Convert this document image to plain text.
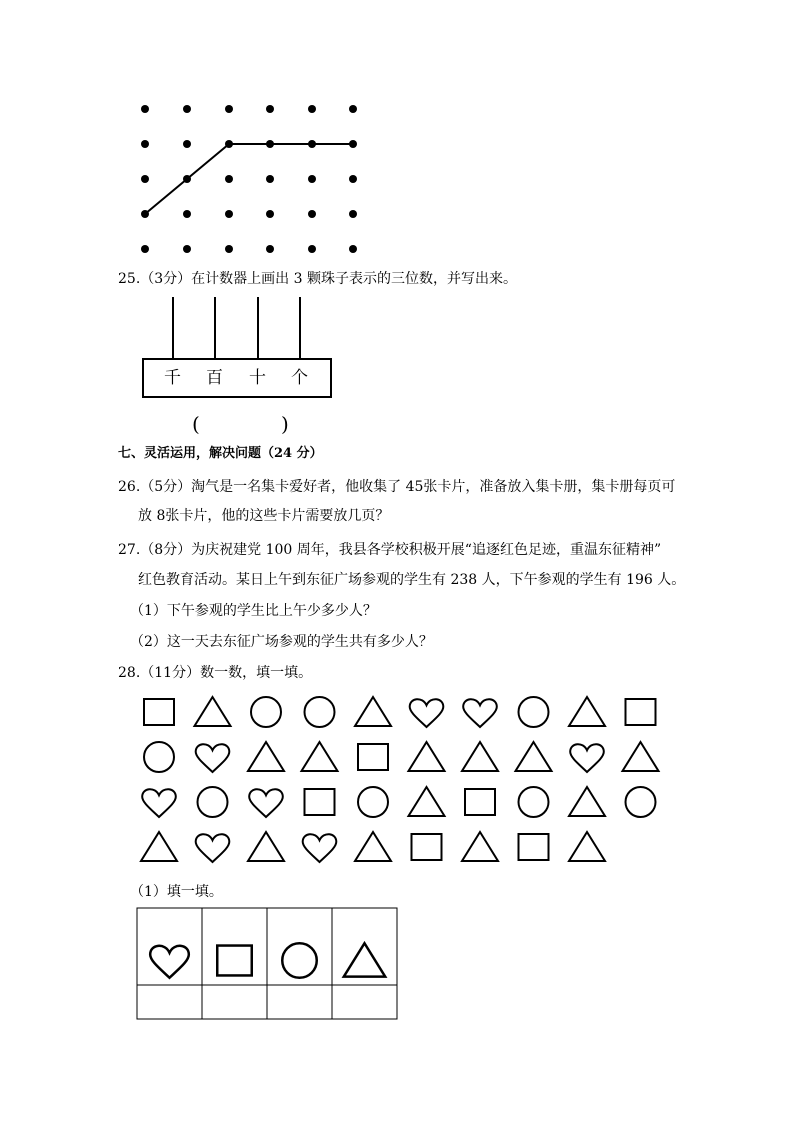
25.（3分）在计数器上画出 3 颗珠子表示的三位数，并写出来。
千 百 十 个
(	)
七、灵活运用，解决问题（24 分）
26.（5分）淘气是一名集卡爱好者，他收集了 45张卡片，准备放入集卡册，集卡册每页可
放 8张卡片，他的这些卡片需要放几页？
27.（8分）为庆祝建党 100 周年，我县各学校积极开展“追逐红色足迹，重温东征精神”
红色教育活动。某日上午到东征广场参观的学生有 238 人，下午参观的学生有 196 人。
（1）下午参观的学生比上午少多少人？
（2）这一天去东征广场参观的学生共有多少人？
28.（11分）数一数，填一填。
（1）填一填。
